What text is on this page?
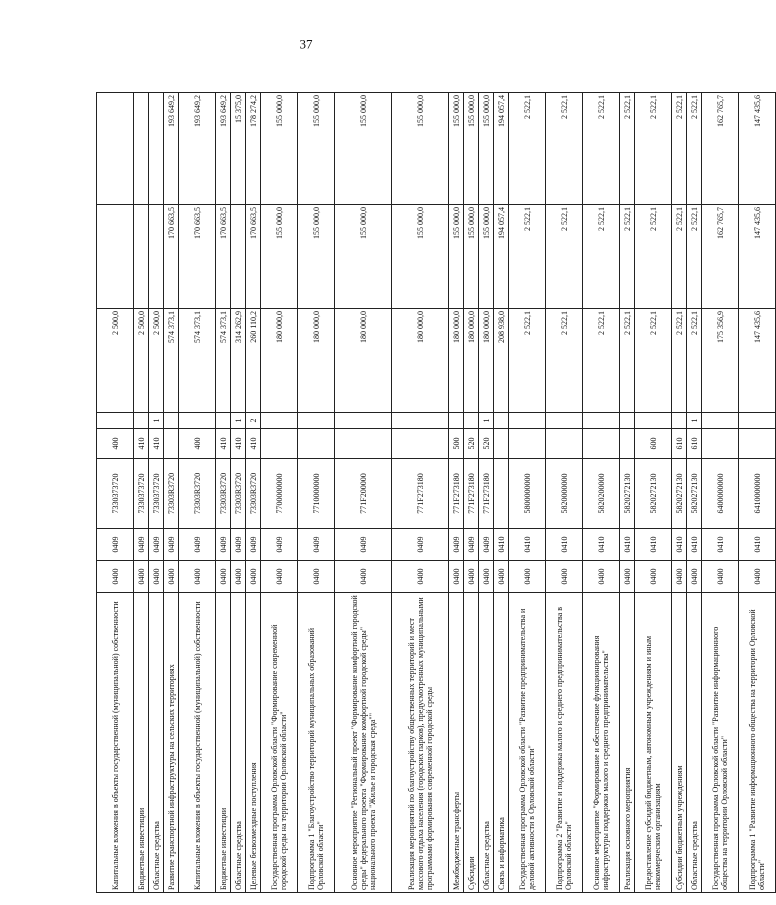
37
Капитальные вложения в объекты государственной (муниципальной) собственности	0400	0409	7330373720	400		2 500,0		
Бюджетные инвестиции	0400	0409	7330373720	410		2 500,0		
Областные средства	0400	0409	7330373720	410	1	2 500,0		
Развитие транспортной инфраструктуры на сельских территориях	0400	0409	73303R3720			574 373,1	170 663,5	193 649,2
Капитальные вложения в объекты государственной (муниципальной) собственности	0400	0409	73303R3720	400		574 373,1	170 663,5	193 649,2
Бюджетные инвестиции	0400	0409	73303R3720	410		574 373,1	170 663,5	193 649,2
Областные средства	0400	0409	73303R3720	410	1	314 262,9		15 375,0
Целевые безвозмездные поступления	0400	0409	73303R3720	410	2	260 110,2	170 663,5	178 274,2
Государственная программа Орловской области "Формирование современной городской среды на территории Орловской области"	0400	0409	7700000000			180 000,0	155 000,0	155 000,0
Подпрограмма 1 "Благоустройство территорий муниципальных образований Орловской области"	0400	0409	7710000000			180 000,0	155 000,0	155 000,0
Основное мероприятие "Региональный проект "Формирование комфортной городской среды" федерального проекта "Формирование комфортной городской среды" национального проекта "Жилье и городская среда""	0400	0409	771F200000			180 000,0	155 000,0	155 000,0
Реализация мероприятий по благоустройству общественных территорий и мест массового отдыха населения (городских парков), предусмотренных муниципальными программами формирования современной городской среды	0400	0409	771F273180			180 000,0	155 000,0	155 000,0
Межбюджетные трансферты	0400	0409	771F273180	500		180 000,0	155 000,0	155 000,0
Субсидии	0400	0409	771F273180	520		180 000,0	155 000,0	155 000,0
Областные средства	0400	0409	771F273180	520	1	180 000,0	155 000,0	155 000,0
Связь и информатика	0400	0410				208 938,0	194 057,4	194 057,4
Государственная программа Орловской области "Развитие предпринимательства и деловой активности в Орловской области"	0400	0410	5800000000			2 522,1	2 522,1	2 522,1
Подпрограмма 2 "Развитие и поддержка малого и среднего предпринимательства в Орловской области"	0400	0410	5820000000			2 522,1	2 522,1	2 522,1
Основное мероприятие "Формирование и обеспечение функционирования инфраструктуры поддержки малого и среднего предпринимательства"	0400	0410	5820200000			2 522,1	2 522,1	2 522,1
Реализация основного мероприятия	0400	0410	5820272130			2 522,1	2 522,1	2 522,1
Предоставление субсидий бюджетным, автономным учреждениям и иным некоммерческим организациям	0400	0410	5820272130	600		2 522,1	2 522,1	2 522,1
Субсидии бюджетным учреждениям	0400	0410	5820272130	610		2 522,1	2 522,1	2 522,1
Областные средства	0400	0410	5820272130	610	1	2 522,1	2 522,1	2 522,1
Государственная программа Орловской области "Развитие информационного общества на территории Орловской области"	0400	0410	6400000000			175 356,9	162 765,7	162 765,7
Подпрограмма 1 "Развитие информационного общества на территории Орловской области"	0400	0410	6410000000			147 435,6	147 435,6	147 435,6
